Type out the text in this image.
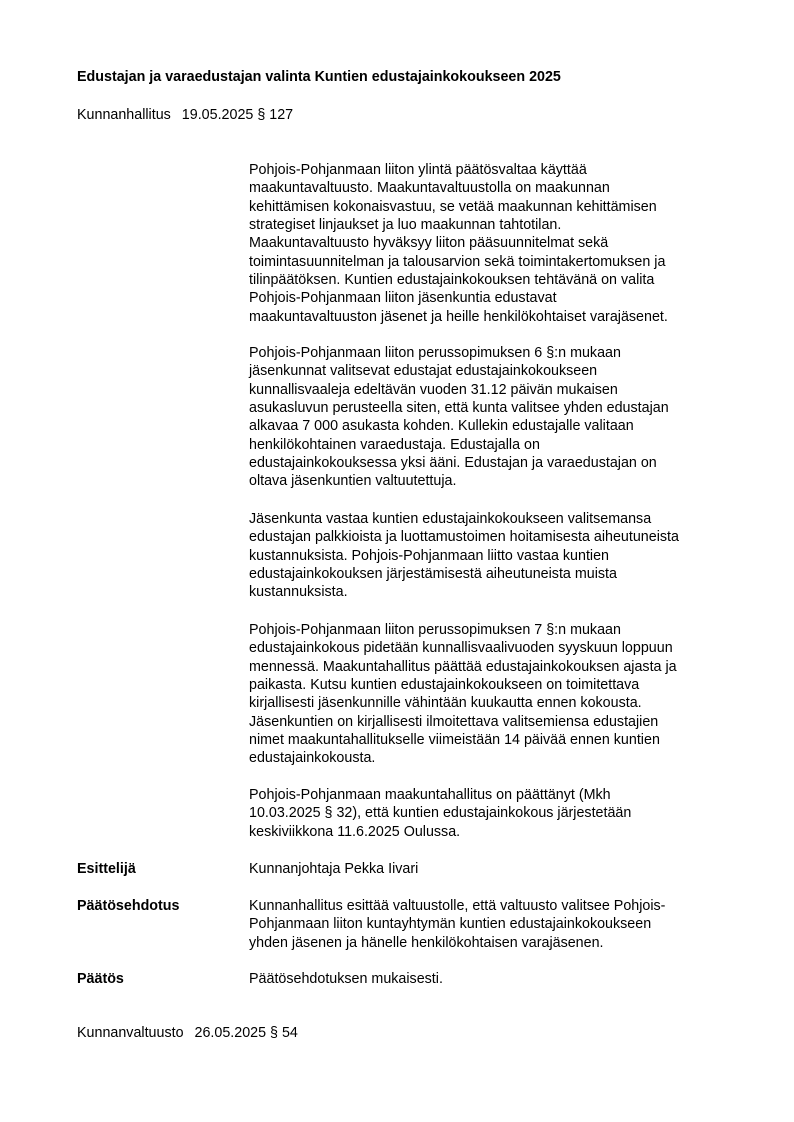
Edustajan ja varaedustajan valinta Kuntien edustajainkokoukseen 2025
Kunnanhallitus 19.05.2025 § 127
Pohjois-Pohjanmaan liiton ylintä päätösvaltaa käyttää
maakuntavaltuusto. Maakuntavaltuustolla on maakunnan
kehittämisen kokonaisvastuu, se vetää maakunnan kehittämisen
strategiset linjaukset ja luo maakunnan tahtotilan.
Maakuntavaltuusto hyväksyy liiton pääsuunnitelmat sekä
toimintasuunnitelman ja talousarvion sekä toimintakertomuksen ja
tilinpäätöksen. Kuntien edustajainkokouksen tehtävänä on valita
Pohjois-Pohjanmaan liiton jäsenkuntia edustavat
maakuntavaltuuston jäsenet ja heille henkilökohtaiset varajäsenet.
Pohjois-Pohjanmaan liiton perussopimuksen 6 §:n mukaan
jäsenkunnat valitsevat edustajat edustajainkokoukseen
kunnallisvaaleja edeltävän vuoden 31.12 päivän mukaisen
asukasluvun perusteella siten, että kunta valitsee yhden edustajan
alkavaa 7 000 asukasta kohden. Kullekin edustajalle valitaan
henkilökohtainen varaedustaja. Edustajalla on
edustajainkokouksessa yksi ääni. Edustajan ja varaedustajan on
oltava jäsenkuntien valtuutettuja.
Jäsenkunta vastaa kuntien edustajainkokoukseen valitsemansa
edustajan palkkioista ja luottamustoimen hoitamisesta aiheutuneista
kustannuksista. Pohjois-Pohjanmaan liitto vastaa kuntien
edustajainkokouksen järjestämisestä aiheutuneista muista
kustannuksista.
Pohjois-Pohjanmaan liiton perussopimuksen 7 §:n mukaan
edustajainkokous pidetään kunnallisvaalivuoden syyskuun loppuun
mennessä. Maakuntahallitus päättää edustajainkokouksen ajasta ja
paikasta. Kutsu kuntien edustajainkokoukseen on toimitettava
kirjallisesti jäsenkunnille vähintään kuukautta ennen kokousta.
Jäsenkuntien on kirjallisesti ilmoitettava valitsemiensa edustajien
nimet maakuntahallitukselle viimeistään 14 päivää ennen kuntien
edustajainkokousta.
Pohjois-Pohjanmaan maakuntahallitus on päättänyt (Mkh
10.03.2025 § 32), että kuntien edustajainkokous järjestetään
keskiviikkona 11.6.2025 Oulussa.
Esittelijä	Kunnanjohtaja Pekka Iivari
Päätösehdotus	Kunnanhallitus esittää valtuustolle, että valtuusto valitsee Pohjois-
Pohjanmaan liiton kuntayhtymän kuntien edustajainkokoukseen
yhden jäsenen ja hänelle henkilökohtaisen varajäsenen.
Päätös	Päätösehdotuksen mukaisesti.
Kunnanvaltuusto 26.05.2025 § 54
